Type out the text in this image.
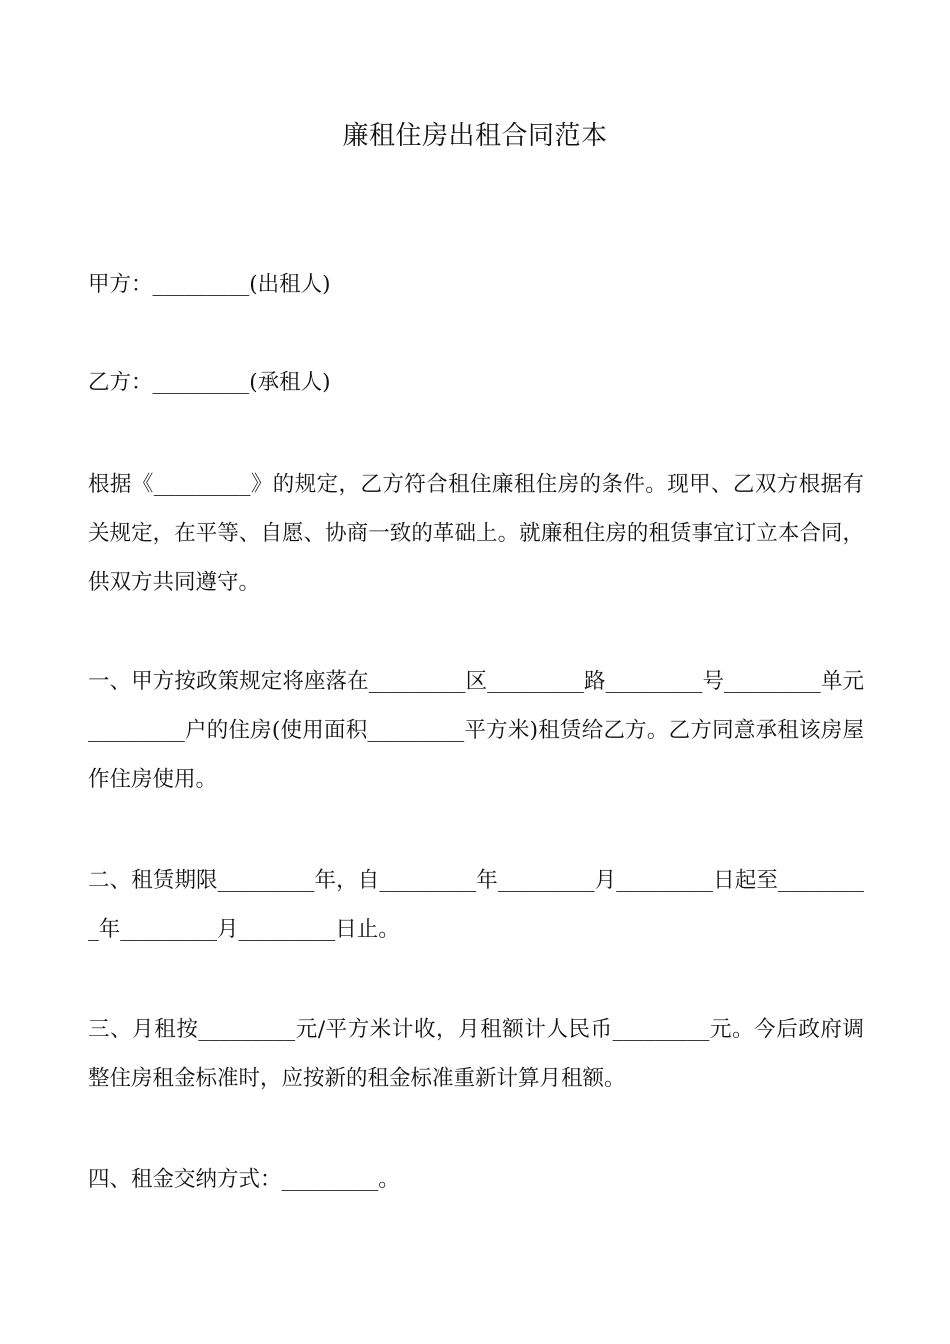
廉租住房出租合同范本
甲方：_________(出租人)
乙方：_________(承租人)
根据《_________》的规定，乙方符合租住廉租住房的条件。现甲、乙双方根据有关规定，在平等、自愿、协商一致的革础上。就廉租住房的租赁事宜订立本合同，供双方共同遵守。
一、甲方按政策规定将座落在_________区_________路_________号_________单元_________户的住房(使用面积_________平方米)租赁给乙方。乙方同意承租该房屋作住房使用。
二、租赁期限_________年，自_________年_________月_________日起至_________年_________月_________日止。
三、月租按_________元/平方米计收，月租额计人民币_________元。今后政府调整住房租金标准时，应按新的租金标准重新计算月租额。
四、租金交纳方式：_________。
